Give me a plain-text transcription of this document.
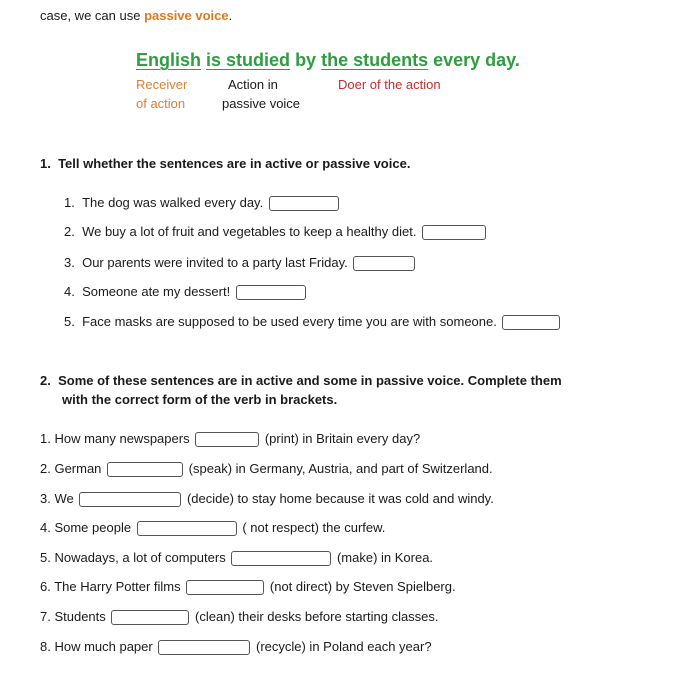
case, we can use passive voice.
English is studied by the students every day.
Receiver
of action
Action in
passive voice
Doer of the action
1. Tell whether the sentences are in active or passive voice.
1. The dog was walked every day.
2. We buy a lot of fruit and vegetables to keep a healthy diet.
3. Our parents were invited to a party last Friday.
4. Someone ate my dessert!
5. Face masks are supposed to be used every time you are with someone.
2. Some of these sentences are in active and some in passive voice. Complete them
with the correct form of the verb in brackets.
1. How many newspapers	(print) in Britain every day?
2. German	(speak) in Germany, Austria, and part of Switzerland.
3. We	(decide) to stay home because it was cold and windy.
4. Some people	( not respect) the curfew.
5. Nowadays, a lot of computers	(make) in Korea.
6. The Harry Potter films	(not direct) by Steven Spielberg.
7. Students	(clean) their desks before starting classes.
8. How much paper	(recycle) in Poland each year?
